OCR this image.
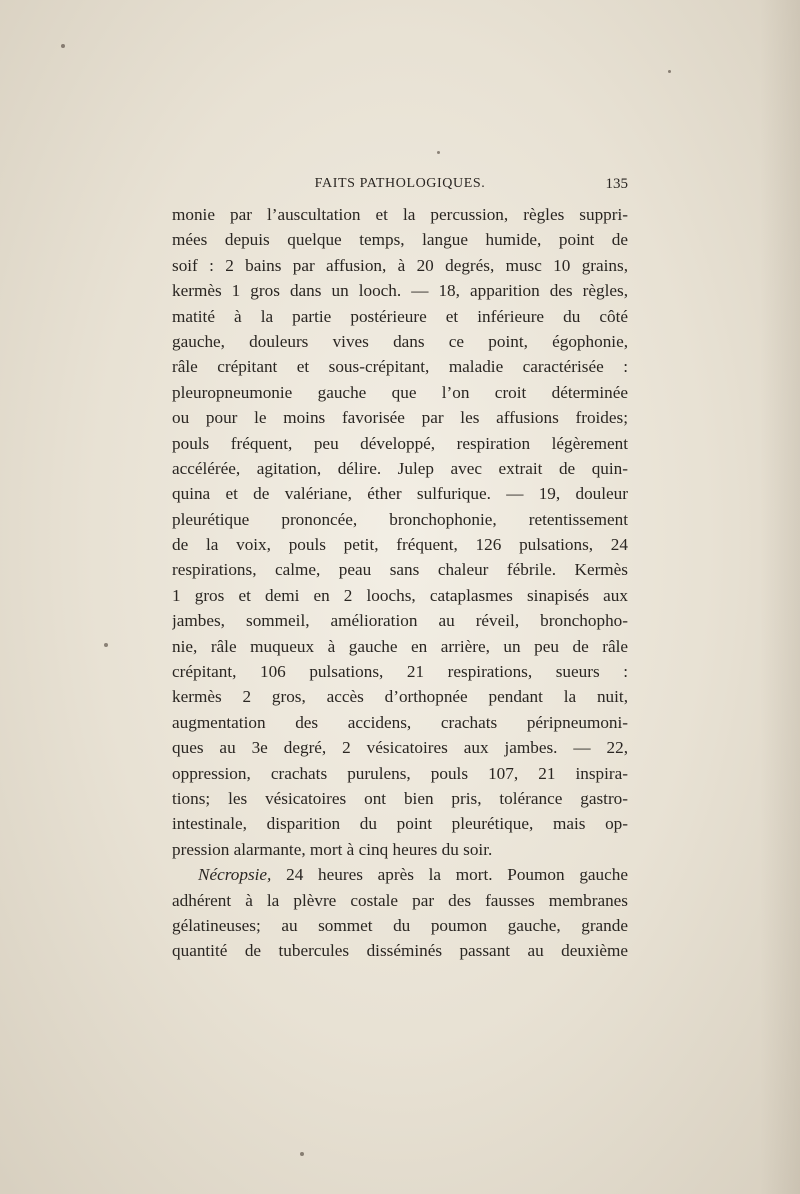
FAITS PATHOLOGIQUES.	135
monie par l’auscultation et la percussion, règles suppri-
mées depuis quelque temps, langue humide, point de
soif : 2 bains par affusion, à 20 degrés, musc 10 grains,
kermès 1 gros dans un looch. — 18, apparition des règles,
matité à la partie postérieure et inférieure du côté
gauche, douleurs vives dans ce point, égophonie,
râle crépitant et sous-crépitant, maladie caractérisée :
pleuropneumonie gauche que l’on croit déterminée
ou pour le moins favorisée par les affusions froides;
pouls fréquent, peu développé, respiration légèrement
accélérée, agitation, délire. Julep avec extrait de quin-
quina et de valériane, éther sulfurique. — 19, douleur
pleurétique prononcée, bronchophonie, retentissement
de la voix, pouls petit, fréquent, 126 pulsations, 24
respirations, calme, peau sans chaleur fébrile. Kermès
1 gros et demi en 2 loochs, cataplasmes sinapisés aux
jambes, sommeil, amélioration au réveil, bronchopho-
nie, râle muqueux à gauche en arrière, un peu de râle
crépitant, 106 pulsations, 21 respirations, sueurs :
kermès 2 gros, accès d’orthopnée pendant la nuit,
augmentation des accidens, crachats péripneumoni-
ques au 3e degré, 2 vésicatoires aux jambes. — 22,
oppression, crachats purulens, pouls 107, 21 inspira-
tions; les vésicatoires ont bien pris, tolérance gastro-
intestinale, disparition du point pleurétique, mais op-
pression alarmante, mort à cinq heures du soir.
Nécropsie, 24 heures après la mort. Poumon gauche
adhérent à la plèvre costale par des fausses membranes
gélatineuses; au sommet du poumon gauche, grande
quantité de tubercules disséminés passant au deuxième
